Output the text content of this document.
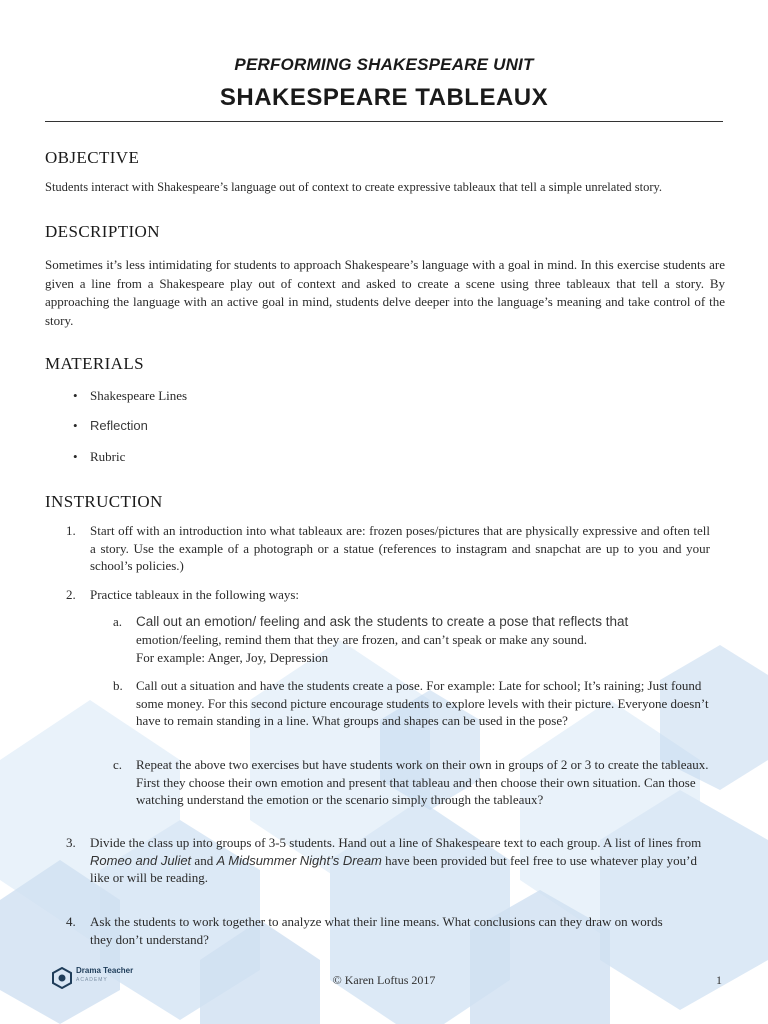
PERFORMING SHAKESPEARE UNIT
SHAKESPEARE TABLEAUX
OBJECTIVE

Students interact with Shakespeare’s language out of context to create expressive tableaux that tell a simple unrelated story.

DESCRIPTION

Sometimes it’s less intimidating for students to approach Shakespeare’s language with a goal in mind. In this exercise students are given a line from a Shakespeare play out of context and asked to create a scene using three tableaux that tell a story. By approaching the language with an active goal in mind, students delve deeper into the language’s meaning and take control of the story.

MATERIALS
• Shakespeare Lines
• Reflection
• Rubric
INSTRUCTION
1. Start off with an introduction into what tableaux are: frozen poses/pictures that are physically expressive and often tell a story. Use the example of a photograph or a statue (references to instagram and snapchat are up to you and your school’s policies.)
2. Practice tableaux in the following ways:
a. Call out an emotion/ feeling and ask the students to create a pose that reflects that
emotion/feeling, remind them that they are frozen, and can’t speak or make any sound.
For example: Anger, Joy, Depression
b. Call out a situation and have the students create a pose. For example: Late for school; It’s raining; Just found some money. For this second picture encourage students to explore levels with their picture. Everyone doesn’t have to remain standing in a line. What groups and shapes can be used in the pose?
c. Repeat the above two exercises but have students work on their own in groups of 2 or 3 to create the tableaux. First they choose their own emotion and present that tableau and then choose their own situation. Can those watching understand the emotion or the scenario simply through the tableaux?
3. Divide the class up into groups of 3-5 students. Hand out a line of Shakespeare text to each group. A list of lines from Romeo and Juliet and A Midsummer Night’s Dream have been provided but feel free to use whatever play you’d like or will be reading.
4. Ask the students to work together to analyze what their line means. What conclusions can they draw on words they don’t understand?
Drama Teacher
ACADEMY	© Karen Loftus 2017	1
